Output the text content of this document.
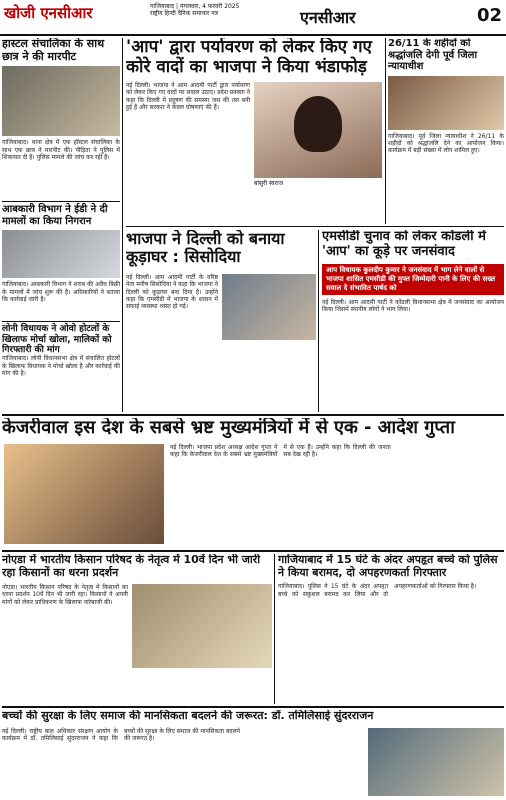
खोजी एनसीआर	गाजियाबाद | मंगलवार, 4 फरवरी 2025
राष्ट्रीय हिन्दी दैनिक समाचार पत्र	एनसीआर	02
हास्टल संचालिका के साथ छात्र ने की मारपीट
गाजियाबाद। थाना क्षेत्र में एक हॉस्टल संचालिका के साथ एक छात्र ने मारपीट की। पीड़िता ने पुलिस में शिकायत दी है। पुलिस मामले की जांच कर रही है।
आबकारी विभाग ने ईडी ने दी मामलों का किया निगरान
गाजियाबाद। आबकारी विभाग ने शराब की अवैध बिक्री के मामलों में जांच शुरू की है। अधिकारियों ने बताया कि कार्रवाई जारी है।
लोनी विधायक ने ओवो होटलों के खिलाफ मोर्चा खोला, मालिकों को गिरफ्तारी की मांग
गाजियाबाद। लोनी विधानसभा क्षेत्र में संचालित होटलों के खिलाफ विधायक ने मोर्चा खोला है और कार्रवाई की मांग की है।
'आप' द्वारा पर्यावरण को लेकर किए गए कोरे वादों का भाजपा ने किया भंडाफोड़
नई दिल्ली। भाजपा ने आम आदमी पार्टी द्वारा पर्यावरण को लेकर किए गए वादों पर सवाल उठाए। प्रदेश प्रवक्ता ने कहा कि दिल्ली में प्रदूषण की समस्या जस की तस बनी हुई है और सरकार ने केवल घोषणाएं की हैं।
बांसुरी स्वराज
26/11 के शहीदों को श्रद्धांजलि देगी पूर्व जिला न्यायाधीश
गाजियाबाद। पूर्व जिला न्यायाधीश ने 26/11 के शहीदों को श्रद्धांजलि देने का आयोजन किया। कार्यक्रम में बड़ी संख्या में लोग शामिल हुए।
भाजपा ने दिल्ली को बनाया कूड़ाघर : सिसोदिया
नई दिल्ली। आम आदमी पार्टी के वरिष्ठ नेता मनीष सिसोदिया ने कहा कि भाजपा ने दिल्ली को कूड़ाघर बना दिया है। उन्होंने कहा कि एमसीडी में भाजपा के शासन में सफाई व्यवस्था ध्वस्त हो गई।
एमसीडी चुनाव को लेकर कोंडली में 'आप' का कूड़े पर जनसंवाद
आप विधायक कुलदीप कुमार ने जनसंवाद में भाग लेने वालों से भाजपा शासित एमसीडी की मुफ्त जिम्मेदारी पानी के लिए की सख्त सवाल दे संभावित पार्षद को
नई दिल्ली। आम आदमी पार्टी ने कोंडली विधानसभा क्षेत्र में जनसंवाद का आयोजन किया जिसमें स्थानीय लोगों ने भाग लिया।
केजरीवाल इस देश के सबसे भ्रष्ट मुख्यमंत्रियों में से एक - आदेश गुप्ता
नई दिल्ली। भाजपा प्रदेश अध्यक्ष आदेश गुप्ता ने कहा कि केजरीवाल देश के सबसे भ्रष्ट मुख्यमंत्रियों में से एक हैं। उन्होंने कहा कि दिल्ली की जनता सब देख रही है।
नोएडा में भारतीय किसान परिषद के नेतृत्व में 10वें दिन भी जारी रहा किसानों का धरना प्रदर्शन
नोएडा। भारतीय किसान परिषद के नेतृत्व में किसानों का धरना प्रदर्शन 10वें दिन भी जारी रहा। किसानों ने अपनी मांगों को लेकर प्राधिकरण के खिलाफ नारेबाजी की।
गाजियाबाद में 15 घंटे के अंदर अपहृत बच्चे को पुलिस ने किया बरामद, दो अपहरणकर्ता गिरफ्तार
गाजियाबाद। पुलिस ने 15 घंटे के अंदर अपहृत बच्चे को सकुशल बरामद कर लिया और दो अपहरणकर्ताओं को गिरफ्तार किया है।
बच्चों की सुरक्षा के लिए समाज की मानसिकता बदलने की जरूरत: डॉ. तमिलिसाई सुंदरराजन
नई दिल्ली। राष्ट्रीय बाल अधिकार संरक्षण आयोग के कार्यक्रम में डॉ. तमिलिसाई सुंदरराजन ने कहा कि बच्चों की सुरक्षा के लिए समाज की मानसिकता बदलने की जरूरत है।
